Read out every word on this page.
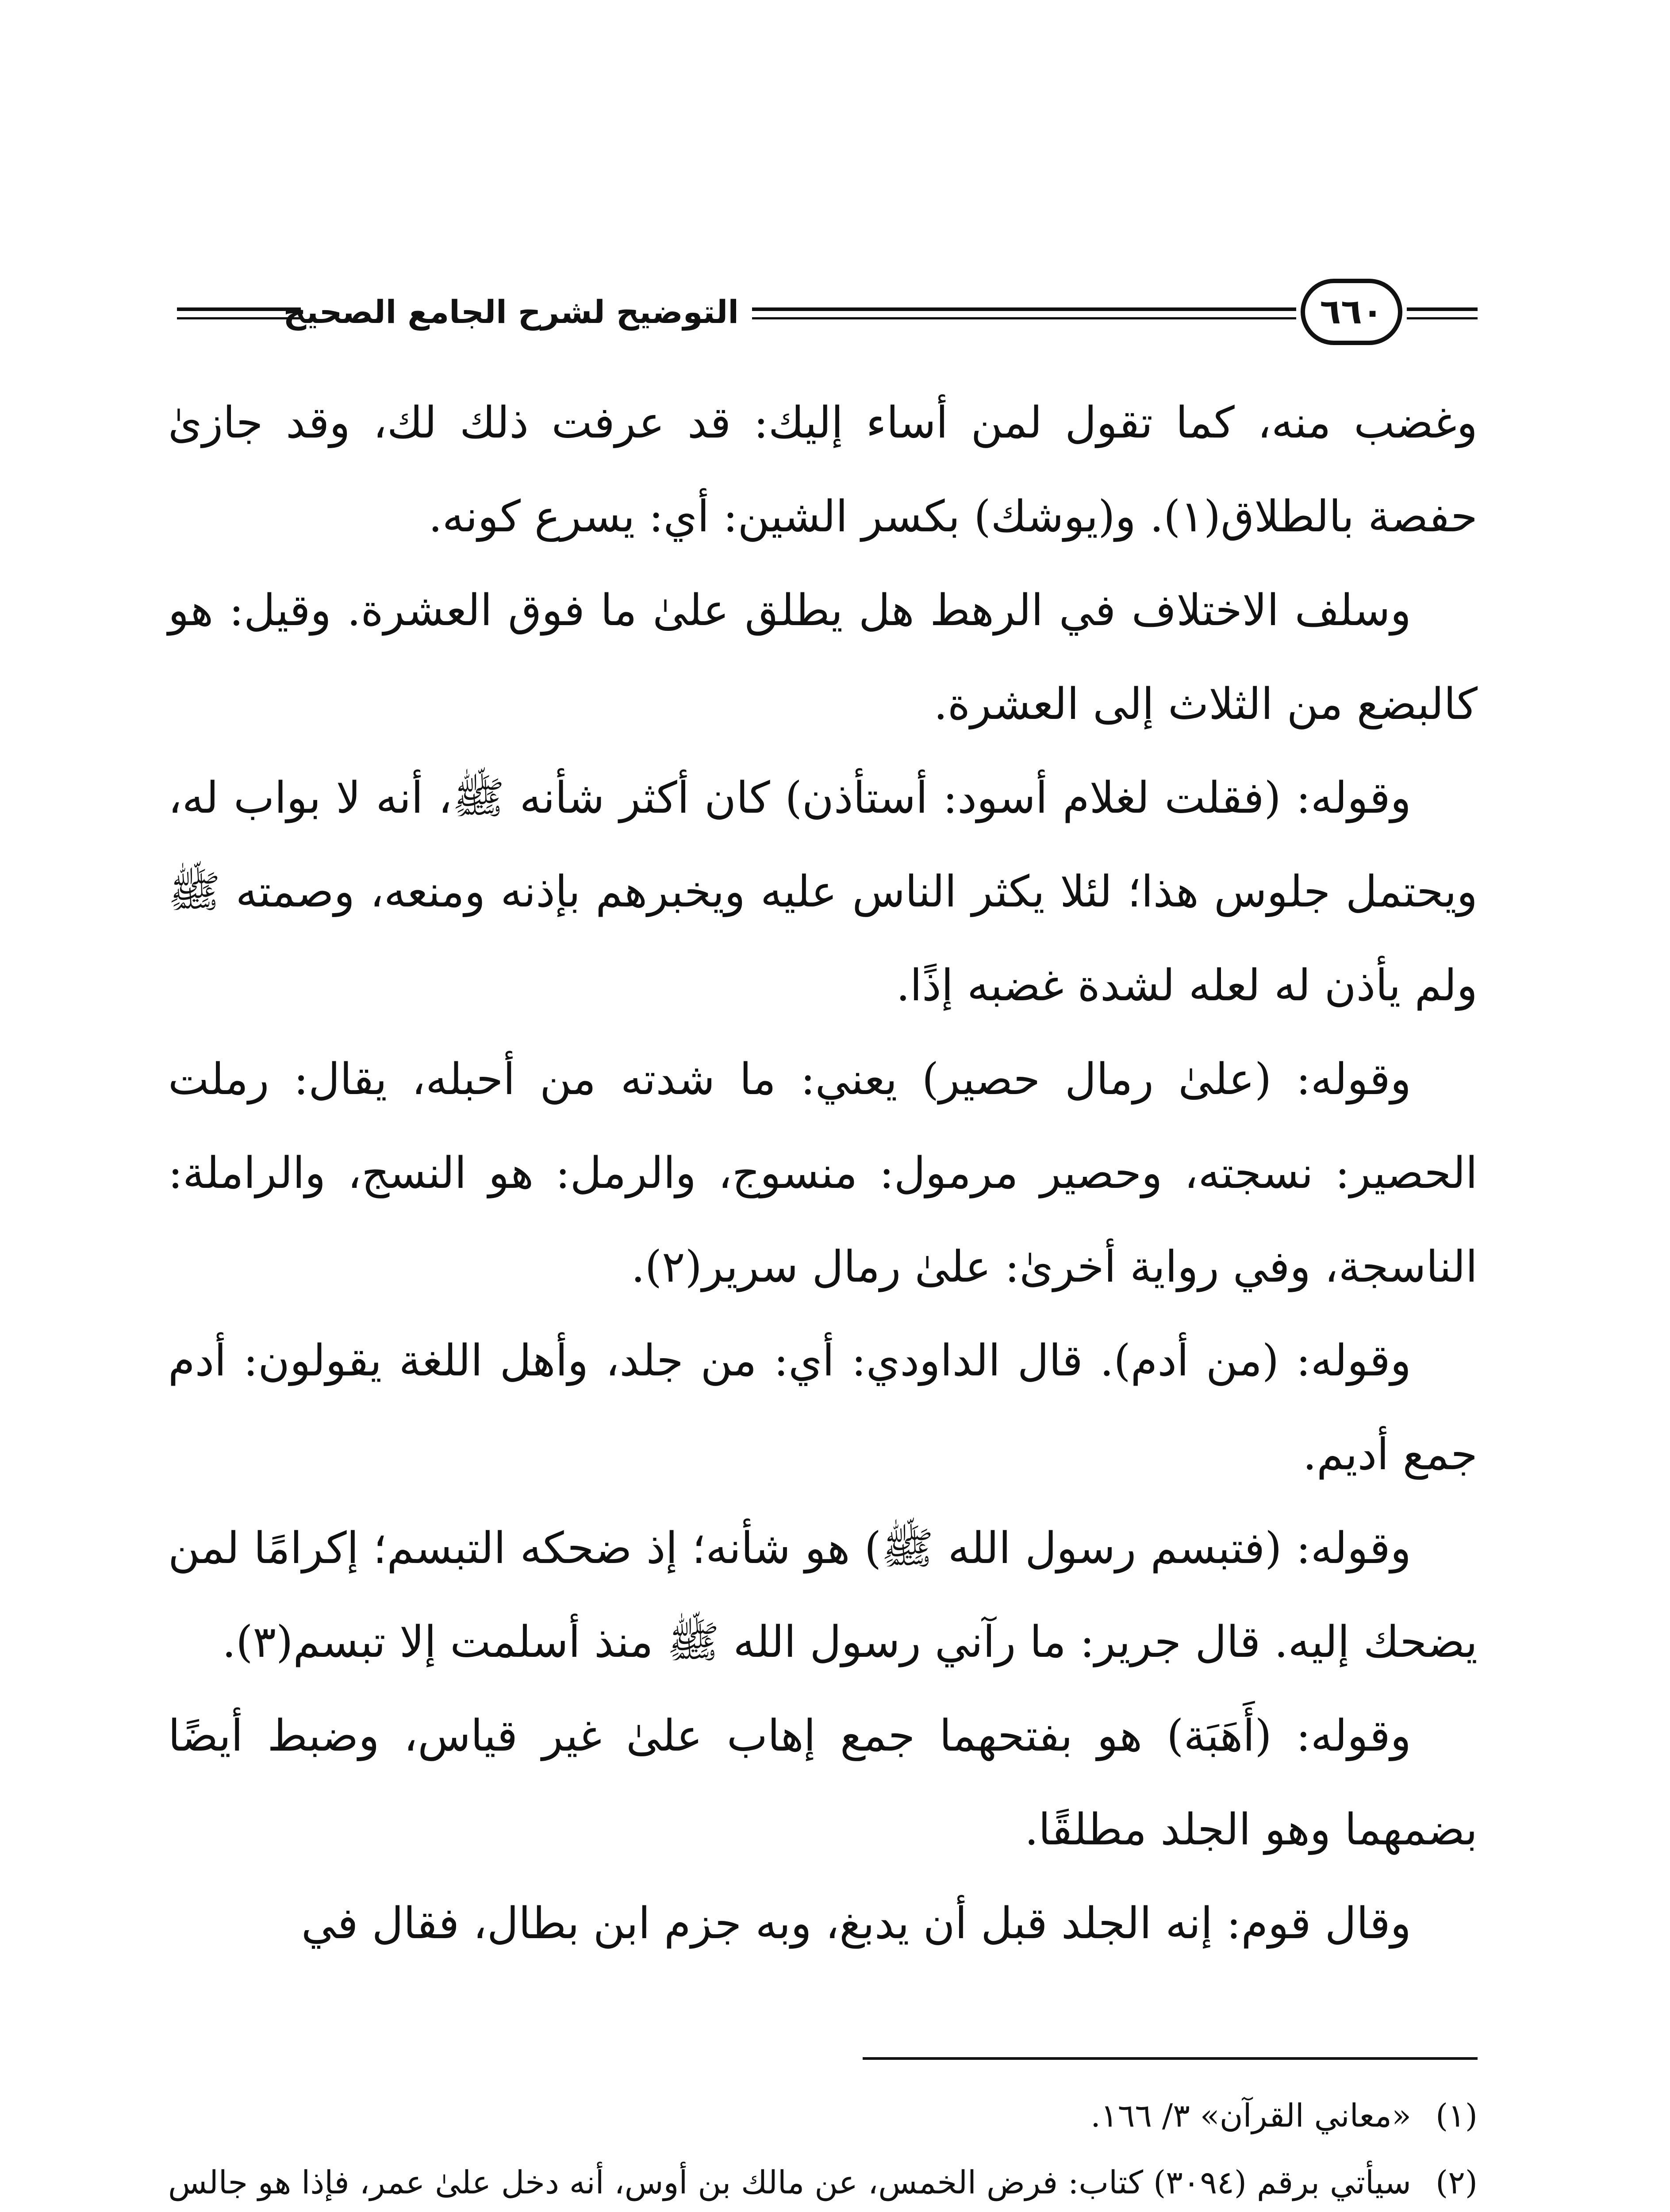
٦٦٠
التوضيح لشرح الجامع الصحيح

وغضب منه، كما تقول لمن أساء إليك: قد عرفت ذلك لك، وقد جازىٰ حفصة بالطلاق(١). و(يوشك) بكسر الشين: أي: يسرع كونه.

وسلف الاختلاف في الرهط هل يطلق علىٰ ما فوق العشرة. وقيل: هو كالبضع من الثلاث إلى العشرة.

وقوله: (فقلت لغلام أسود: أستأذن) كان أكثر شأنه ﷺ، أنه لا بواب له، ويحتمل جلوس هذا؛ لئلا يكثر الناس عليه ويخبرهم بإذنه ومنعه، وصمته ﷺ ولم يأذن له لعله لشدة غضبه إذًا.

وقوله: (علىٰ رمال حصير) يعني: ما شدته من أحبله، يقال: رملت الحصير: نسجته، وحصير مرمول: منسوج، والرمل: هو النسج، والراملة: الناسجة، وفي رواية أخرىٰ: علىٰ رمال سرير(٢).

وقوله: (من أدم). قال الداودي: أي: من جلد، وأهل اللغة يقولون: أدم جمع أديم.

وقوله: (فتبسم رسول الله ﷺ) هو شأنه؛ إذ ضحكه التبسم؛ إكرامًا لمن يضحك إليه. قال جرير: ما رآني رسول الله ﷺ منذ أسلمت إلا تبسم(٣).

وقوله: (أَهَبَة) هو بفتحهما جمع إهاب علىٰ غير قياس، وضبط أيضًا بضمهما وهو الجلد مطلقًا.

وقال قوم: إنه الجلد قبل أن يدبغ، وبه جزم ابن بطال، فقال في

(١)
«معاني القرآن» ٣/ ١٦٦.

(٢)
سيأتي برقم (٣٠٩٤) كتاب: فرض الخمس، عن مالك بن أوس، أنه دخل علىٰ عمر، فإذا هو جالس
